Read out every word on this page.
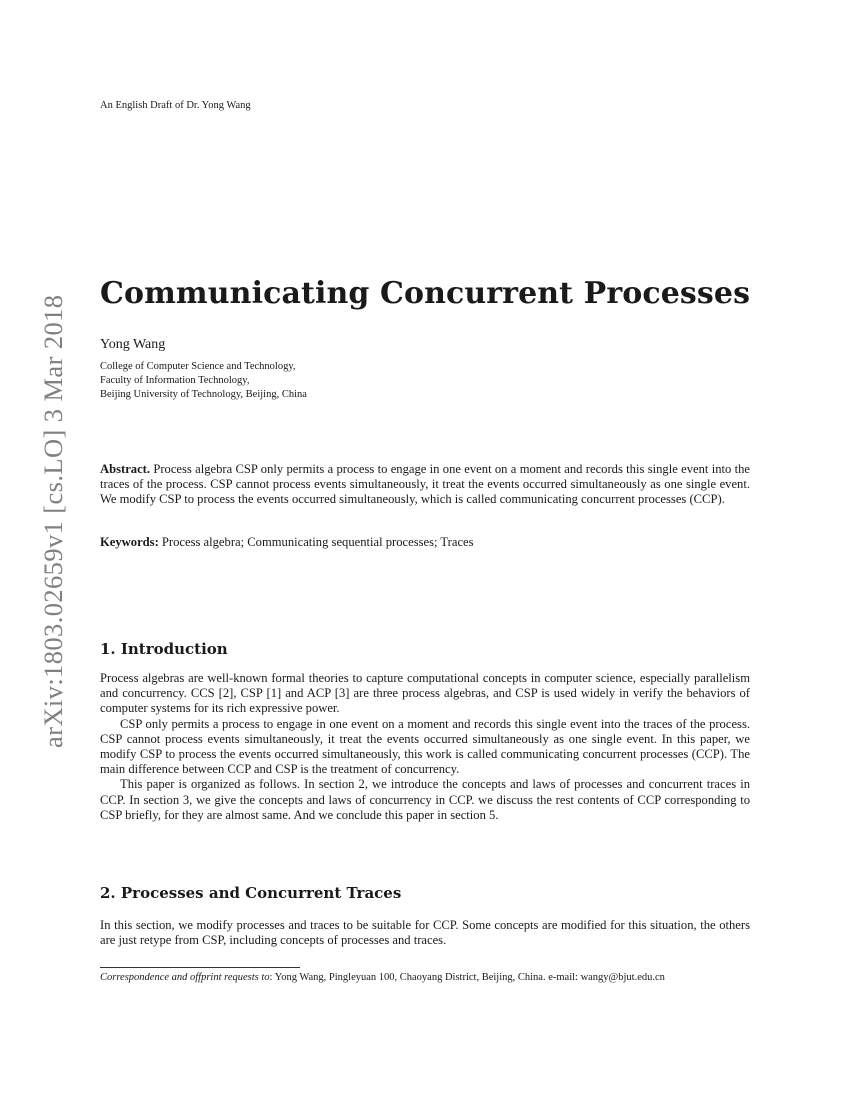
arXiv:1803.02659v1 [cs.LO] 3 Mar 2018
An English Draft of Dr. Yong Wang
Communicating Concurrent Processes
Yong Wang
College of Computer Science and Technology,
Faculty of Information Technology,
Beijing University of Technology, Beijing, China
Abstract. Process algebra CSP only permits a process to engage in one event on a moment and records this single event into the traces of the process. CSP cannot process events simultaneously, it treat the events occurred simultaneously as one single event. We modify CSP to process the events occurred simultaneously, which is called communicating concurrent processes (CCP).
Keywords: Process algebra; Communicating sequential processes; Traces
1. Introduction

Process algebras are well-known formal theories to capture computational concepts in computer science, especially parallelism and concurrency. CCS [2], CSP [1] and ACP [3] are three process algebras, and CSP is used widely in verify the behaviors of computer systems for its rich expressive power.

CSP only permits a process to engage in one event on a moment and records this single event into the traces of the process. CSP cannot process events simultaneously, it treat the events occurred simultaneously as one single event. In this paper, we modify CSP to process the events occurred simultaneously, this work is called communicating concurrent processes (CCP). The main difference between CCP and CSP is the treatment of concurrency.

This paper is organized as follows. In section 2, we introduce the concepts and laws of processes and concurrent traces in CCP. In section 3, we give the concepts and laws of concurrency in CCP. we discuss the rest contents of CCP corresponding to CSP briefly, for they are almost same. And we conclude this paper in section 5.

2. Processes and Concurrent Traces

In this section, we modify processes and traces to be suitable for CCP. Some concepts are modified for this situation, the others are just retype from CSP, including concepts of processes and traces.

Correspondence and offprint requests to: Yong Wang, Pingleyuan 100, Chaoyang District, Beijing, China. e-mail: wangy@bjut.edu.cn
